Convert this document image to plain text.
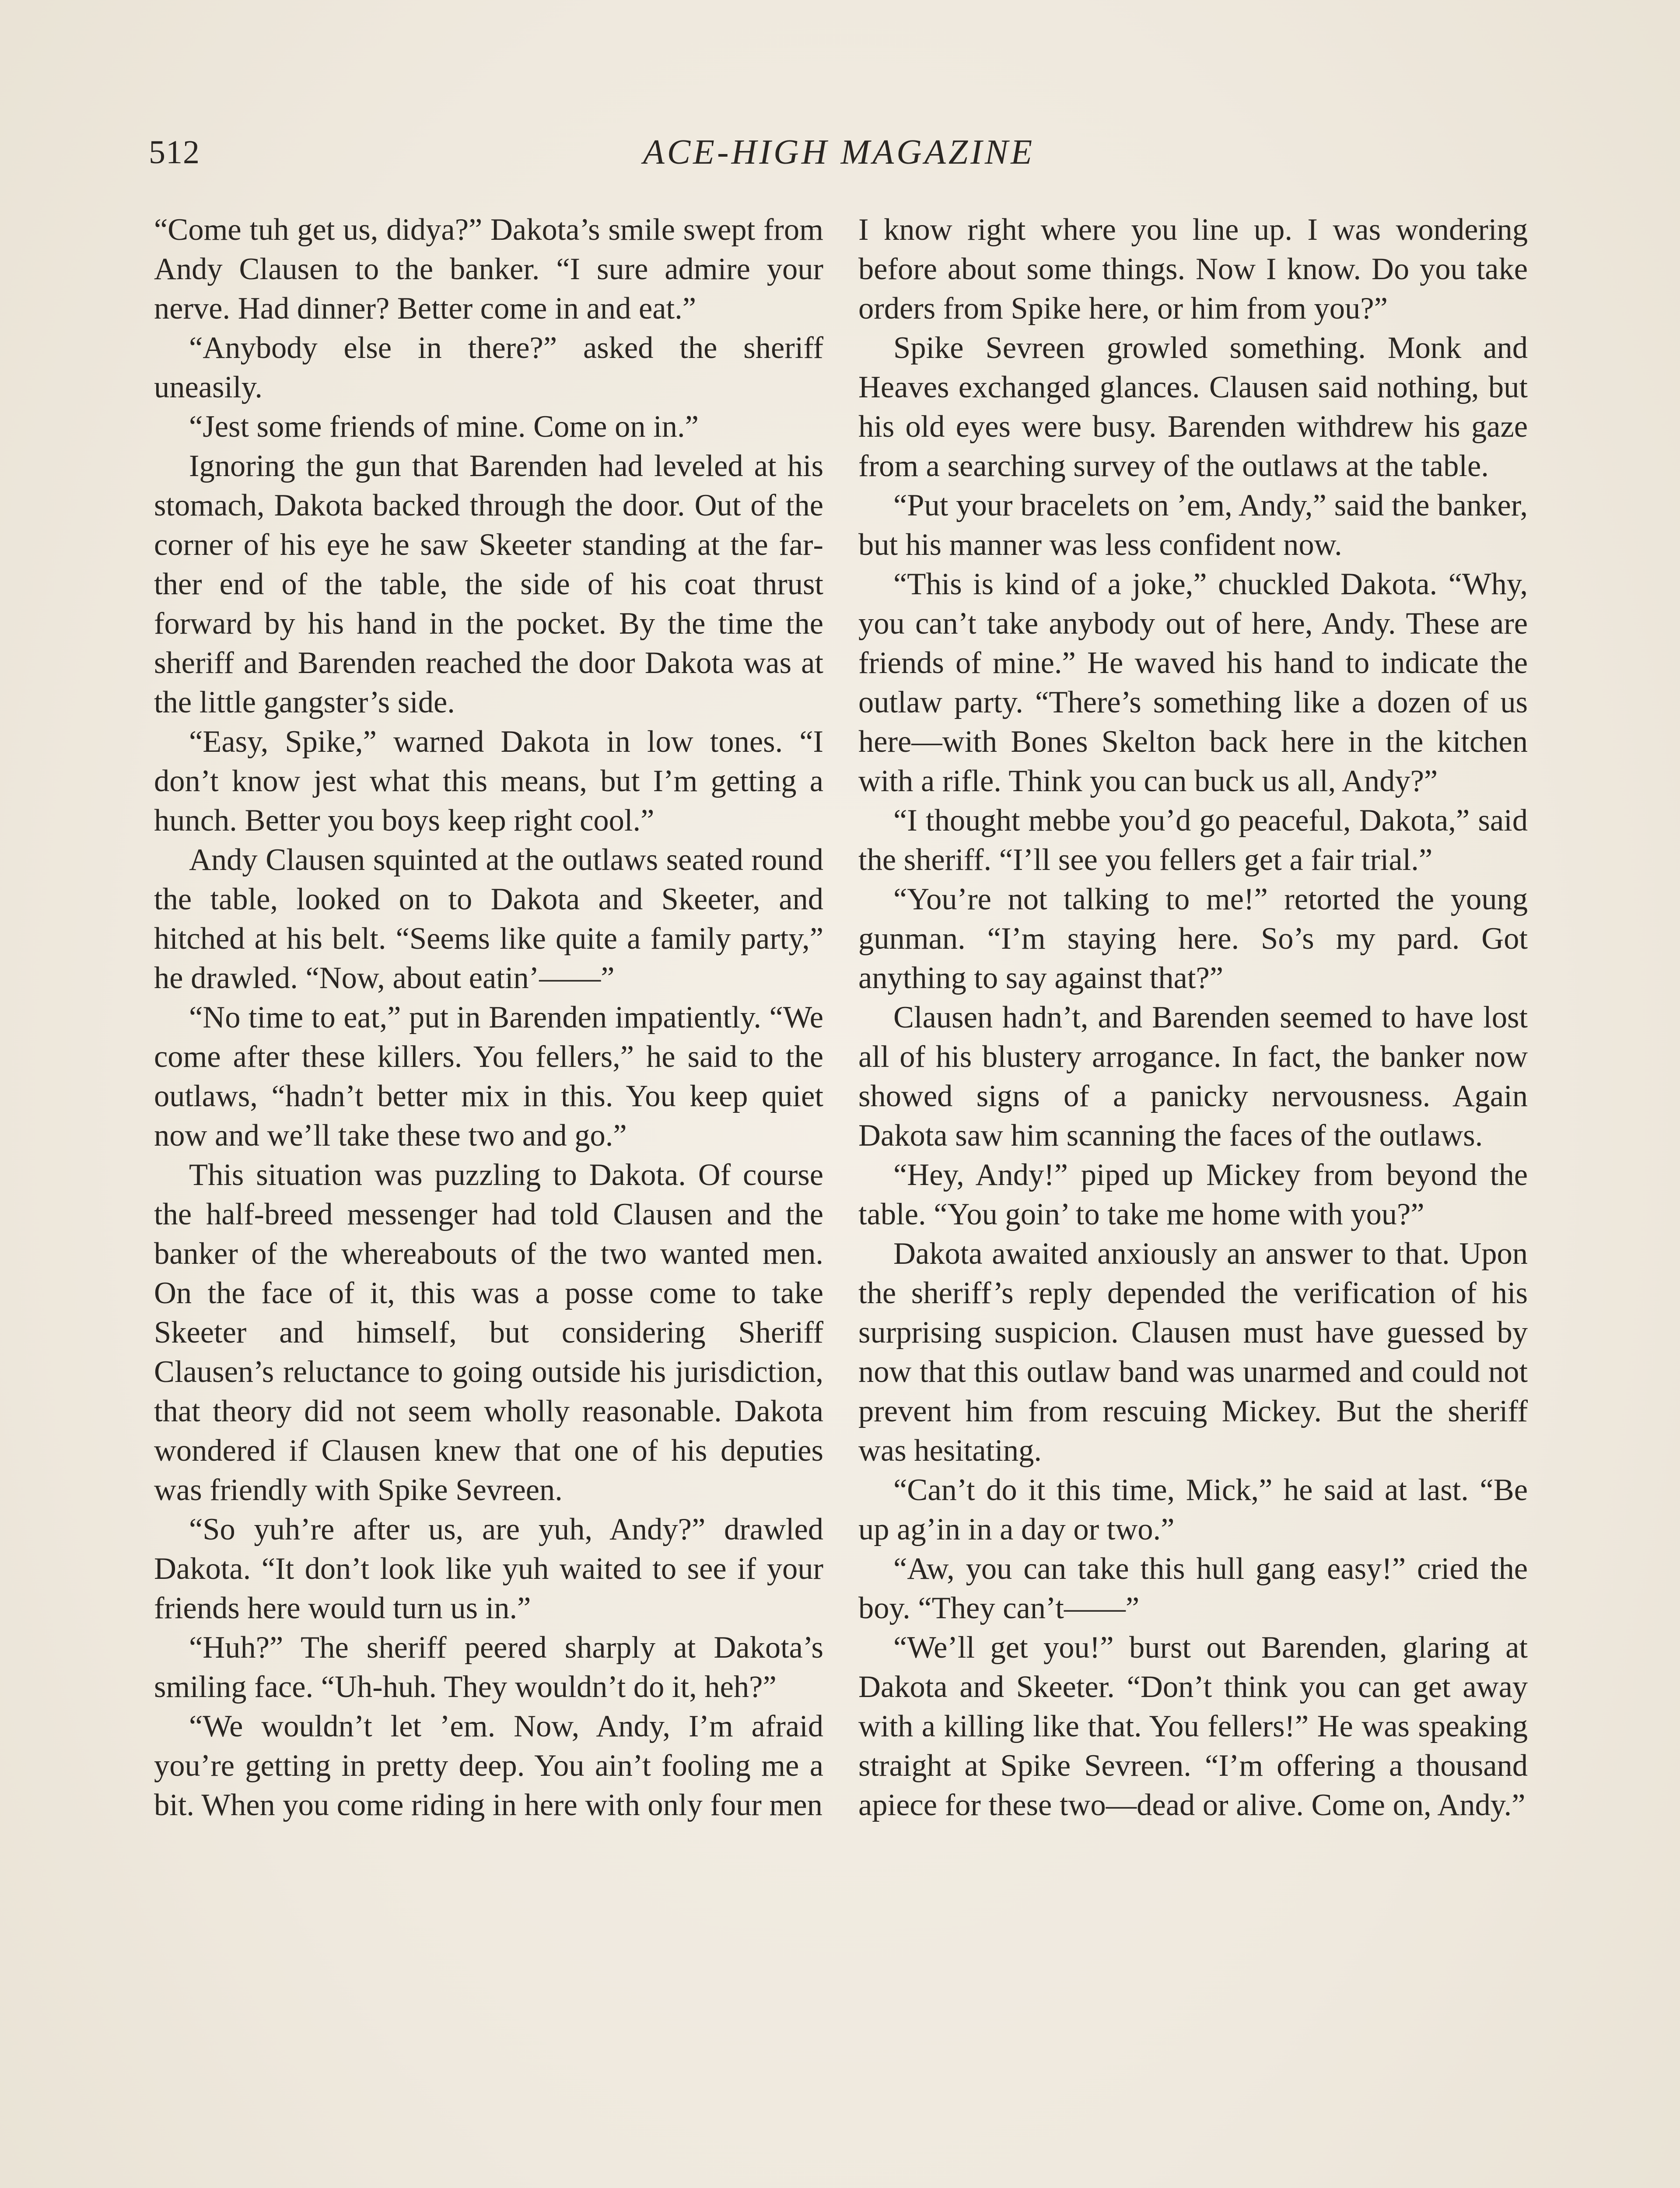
512	ACE-HIGH MAGAZINE

“Come tuh get us, didya?” Dakota’s smile swept from Andy Clausen to the banker. “I sure admire your nerve. Had dinner? Better come in and eat.”

“Anybody else in there?” asked the sheriff uneasily.

“Jest some friends of mine. Come on in.”

Ignoring the gun that Barenden had leveled at his stomach, Dakota backed through the door. Out of the corner of his eye he saw Skeeter standing at the farther end of the table, the side of his coat thrust forward by his hand in the pocket. By the time the sheriff and Barenden reached the door Dakota was at the little gangster’s side.

“Easy, Spike,” warned Dakota in low tones. “I don’t know jest what this means, but I’m getting a hunch. Better you boys keep right cool.”

Andy Clausen squinted at the outlaws seated round the table, looked on to Dakota and Skeeter, and hitched at his belt. “Seems like quite a family party,” he drawled. “Now, about eatin’——”

“No time to eat,” put in Barenden impatiently. “We come after these killers. You fellers,” he said to the outlaws, “hadn’t better mix in this. You keep quiet now and we’ll take these two and go.”

This situation was puzzling to Dakota. Of course the half-breed messenger had told Clausen and the banker of the whereabouts of the two wanted men. On the face of it, this was a posse come to take Skeeter and himself, but considering Sheriff Clausen’s reluctance to going outside his jurisdiction, that theory did not seem wholly reasonable. Dakota wondered if Clausen knew that one of his deputies was friendly with Spike Sevreen.

“So yuh’re after us, are yuh, Andy?” drawled Dakota. “It don’t look like yuh waited to see if your friends here would turn us in.”

“Huh?” The sheriff peered sharply at Dakota’s smiling face. “Uh-huh. They wouldn’t do it, heh?”

“We wouldn’t let ’em. Now, Andy, I’m afraid you’re getting in pretty deep. You ain’t fooling me a bit. When you come riding in here with only four men

I know right where you line up. I was wondering before about some things. Now I know. Do you take orders from Spike here, or him from you?”

Spike Sevreen growled something. Monk and Heaves exchanged glances. Clausen said nothing, but his old eyes were busy. Barenden withdrew his gaze from a searching survey of the outlaws at the table.

“Put your bracelets on ’em, Andy,” said the banker, but his manner was less confident now.

“This is kind of a joke,” chuckled Dakota. “Why, you can’t take anybody out of here, Andy. These are friends of mine.” He waved his hand to indicate the outlaw party. “There’s something like a dozen of us here—with Bones Skelton back here in the kitchen with a rifle. Think you can buck us all, Andy?”

“I thought mebbe you’d go peaceful, Dakota,” said the sheriff. “I’ll see you fellers get a fair trial.”

“You’re not talking to me!” retorted the young gunman. “I’m staying here. So’s my pard. Got anything to say against that?”

Clausen hadn’t, and Barenden seemed to have lost all of his blustery arrogance. In fact, the banker now showed signs of a panicky nervousness. Again Dakota saw him scanning the faces of the outlaws.

“Hey, Andy!” piped up Mickey from beyond the table. “You goin’ to take me home with you?”

Dakota awaited anxiously an answer to that. Upon the sheriff’s reply depended the verification of his surprising suspicion. Clausen must have guessed by now that this outlaw band was unarmed and could not prevent him from rescuing Mickey. But the sheriff was hesitating.

“Can’t do it this time, Mick,” he said at last. “Be up ag’in in a day or two.”

“Aw, you can take this hull gang easy!” cried the boy. “They can’t——”

“We’ll get you!” burst out Barenden, glaring at Dakota and Skeeter. “Don’t think you can get away with a killing like that. You fellers!” He was speaking straight at Spike Sevreen. “I’m offering a thousand apiece for these two—dead or alive. Come on, Andy.”
